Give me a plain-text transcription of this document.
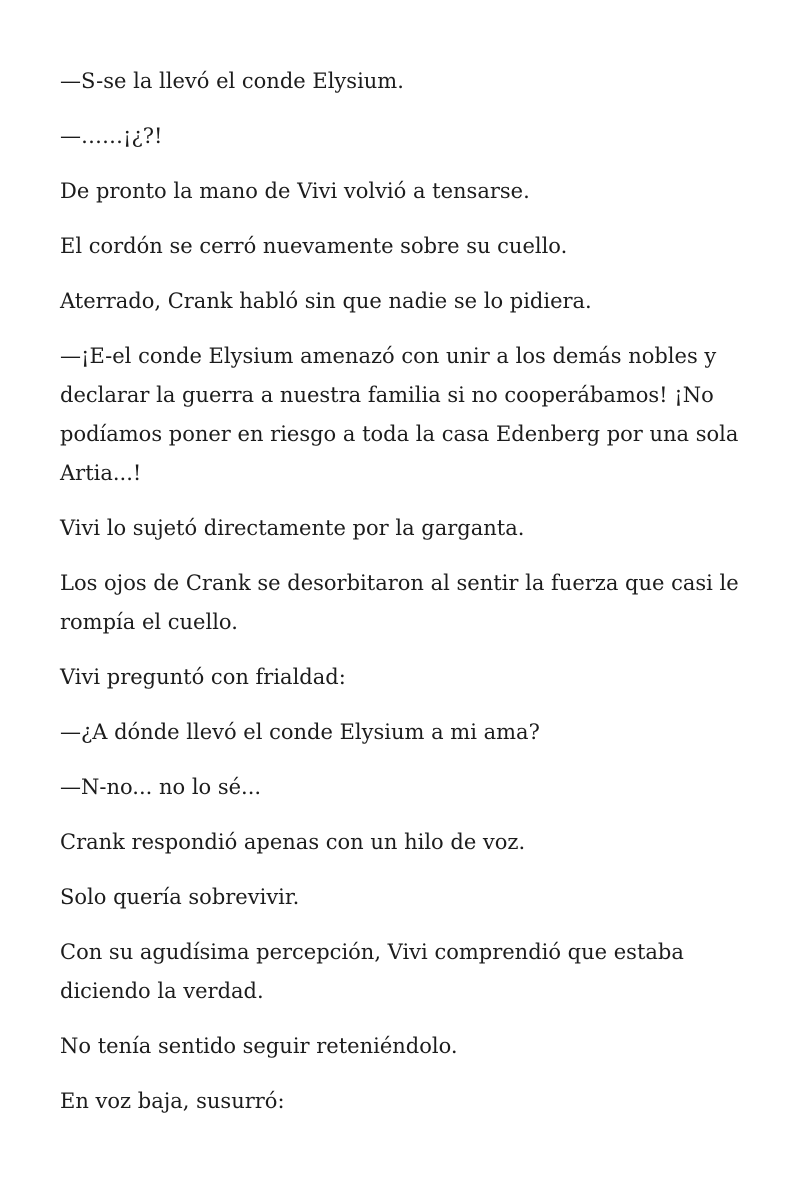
—S-se la llevó el conde Elysium.

—……¡¿?!

De pronto la mano de Vivi volvió a tensarse.

El cordón se cerró nuevamente sobre su cuello.

Aterrado, Crank habló sin que nadie se lo pidiera.

—¡E-el conde Elysium amenazó con unir a los demás nobles y declarar la guerra a nuestra familia si no cooperábamos! ¡No podíamos poner en riesgo a toda la casa Edenberg por una sola Artia...!

Vivi lo sujetó directamente por la garganta.

Los ojos de Crank se desorbitaron al sentir la fuerza que casi le rompía el cuello.

Vivi preguntó con frialdad:

—¿A dónde llevó el conde Elysium a mi ama?

—N-no... no lo sé...

Crank respondió apenas con un hilo de voz.

Solo quería sobrevivir.

Con su agudísima percepción, Vivi comprendió que estaba diciendo la verdad.

No tenía sentido seguir reteniéndolo.

En voz baja, susurró:
